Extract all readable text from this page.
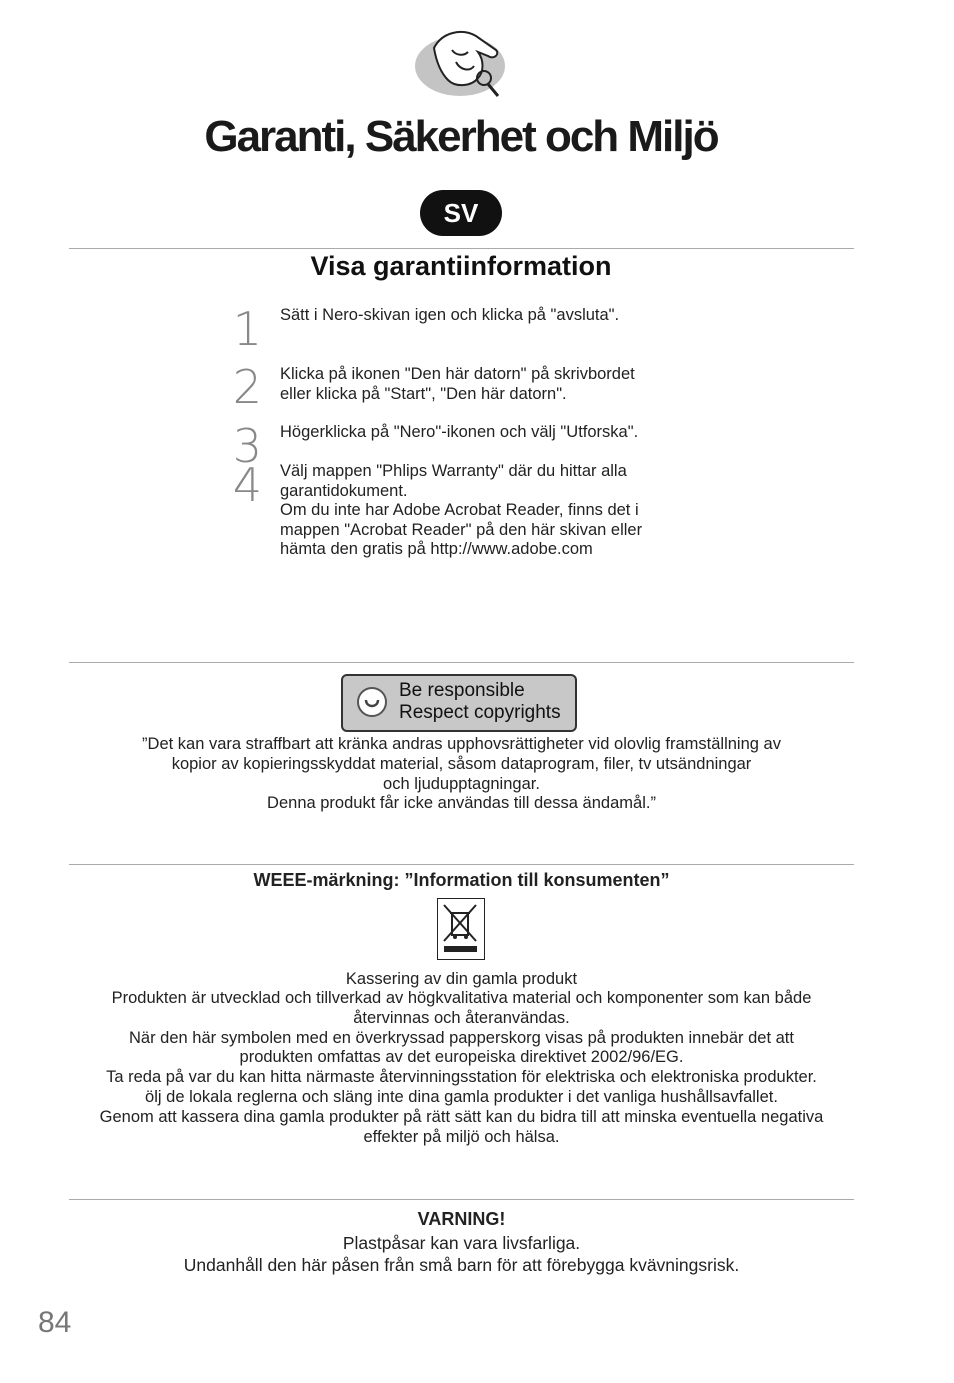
Garanti, Säkerhet och Miljö
SV
Visa garantiinformation
1 Sätt i Nero-skivan igen och klicka på "avsluta".
2 Klicka på ikonen "Den här datorn" på skrivbordet
eller klicka på "Start", "Den här datorn".
3 Högerklicka på "Nero"-ikonen och välj "Utforska".
4 Välj mappen "Phlips Warranty" där du hittar alla
garantidokument.
Om du inte har Adobe Acrobat Reader, finns det i
mappen "Acrobat Reader" på den här skivan eller
hämta den gratis på http://www.adobe.com
Be responsible
Respect copyrights
”Det kan vara straffbart att kränka andras upphovsrättigheter vid olovlig framställning av
kopior av kopieringsskyddat material, såsom dataprogram, filer, tv utsändningar
och ljudupptagningar.
Denna produkt får icke användas till dessa ändamål.”
WEEE-märkning: ”Information till konsumenten”
Kassering av din gamla produkt
Produkten är utvecklad och tillverkad av högkvalitativa material och komponenter som kan både
återvinnas och återanvändas.
När den här symbolen med en överkryssad papperskorg visas på produkten innebär det att
produkten omfattas av det europeiska direktivet 2002/96/EG.
Ta reda på var du kan hitta närmaste återvinningsstation för elektriska och elektroniska produkter.
ölj de lokala reglerna och släng inte dina gamla produkter i det vanliga hushållsavfallet.
Genom att kassera dina gamla produkter på rätt sätt kan du bidra till att minska eventuella negativa
effekter på miljö och hälsa.
VARNING!
Plastpåsar kan vara livsfarliga.
Undanhåll den här påsen från små barn för att förebygga kvävningsrisk.
84
